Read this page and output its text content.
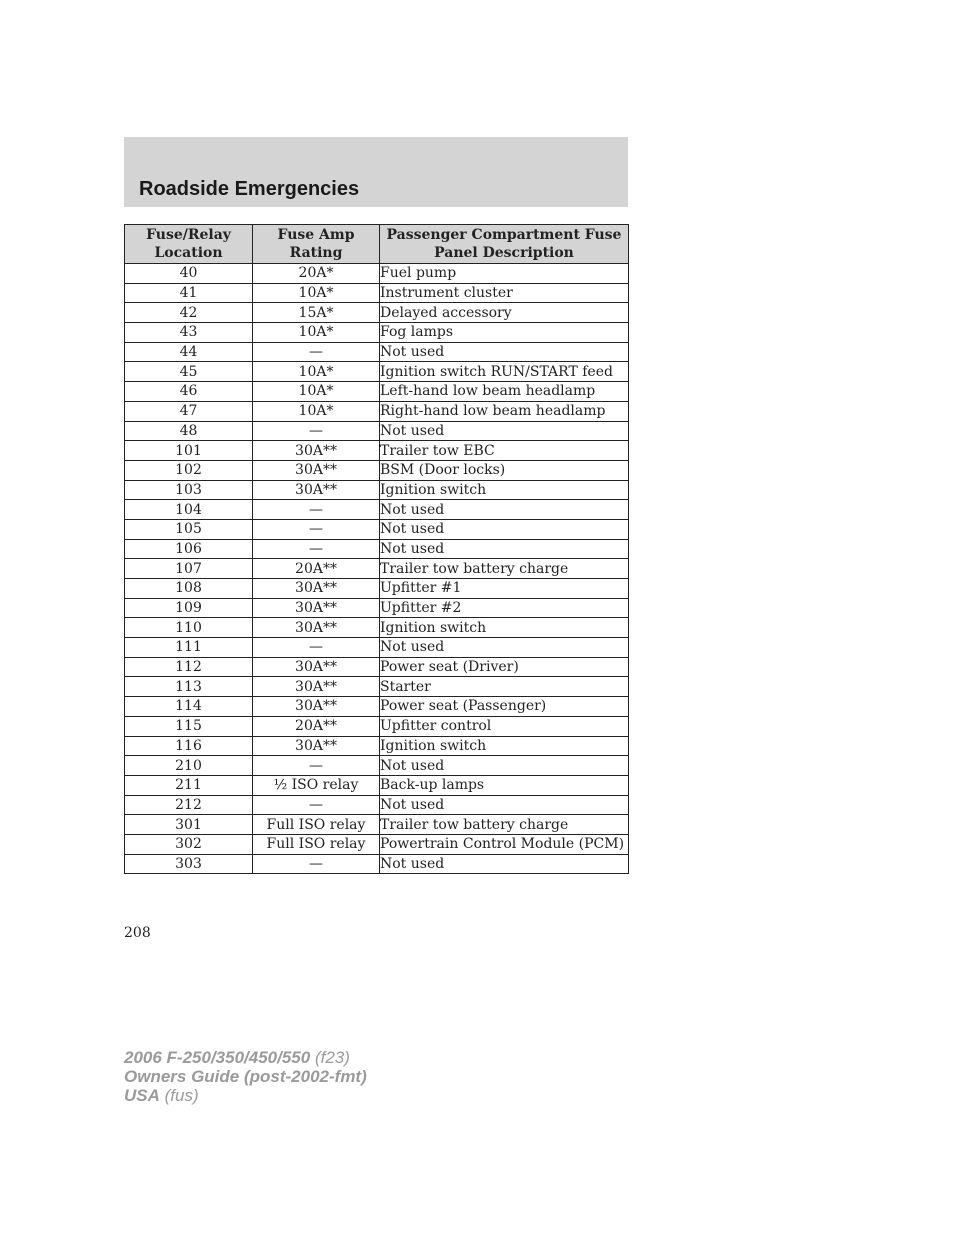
Roadside Emergencies
Fuse/Relay Location	Fuse Amp Rating	Passenger Compartment Fuse Panel Description
40	20A*	Fuel pump
41	10A*	Instrument cluster
42	15A*	Delayed accessory
43	10A*	Fog lamps
44	—	Not used
45	10A*	Ignition switch RUN/START feed
46	10A*	Left-hand low beam headlamp
47	10A*	Right-hand low beam headlamp
48	—	Not used
101	30A**	Trailer tow EBC
102	30A**	BSM (Door locks)
103	30A**	Ignition switch
104	—	Not used
105	—	Not used
106	—	Not used
107	20A**	Trailer tow battery charge
108	30A**	Upfitter #1
109	30A**	Upfitter #2
110	30A**	Ignition switch
111	—	Not used
112	30A**	Power seat (Driver)
113	30A**	Starter
114	30A**	Power seat (Passenger)
115	20A**	Upfitter control
116	30A**	Ignition switch
210	—	Not used
211	½ ISO relay	Back-up lamps
212	—	Not used
301	Full ISO relay	Trailer tow battery charge
302	Full ISO relay	Powertrain Control Module (PCM)
303	—	Not used
208
2006 F-250/350/450/550 (f23)
Owners Guide (post-2002-fmt)
USA (fus)
